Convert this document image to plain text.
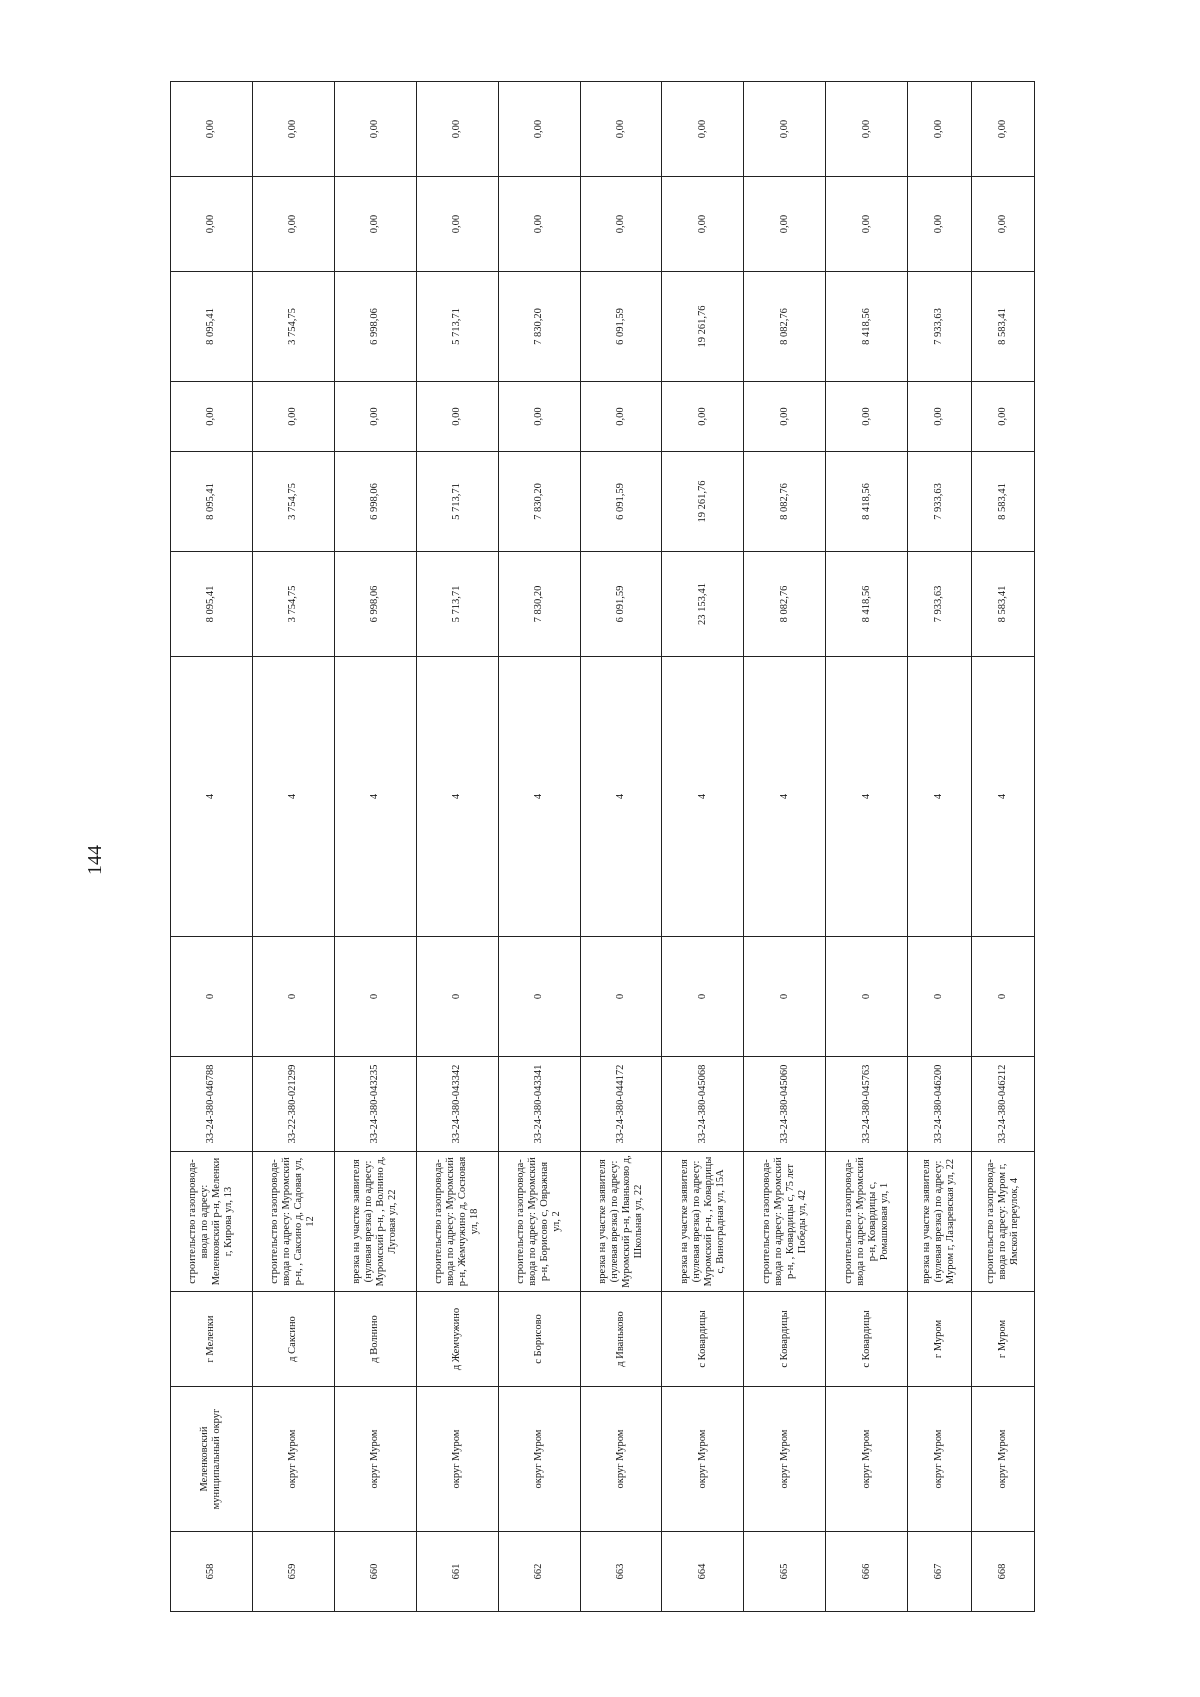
144
658	Меленковский муниципальный округ	г Меленки	строительство газопровода-ввода по адресу: Меленковский р-н, Меленки г, Кирова ул, 13	33-24-380-046788	0	4	8 095,41	8 095,41	0,00	8 095,41	0,00	0,00
659	округ Муром	д Саксино	строительство газопровода-ввода по адресу: Муромский р-н, , Саксино д, Садовая ул, 12	33-22-380-021299	0	4	3 754,75	3 754,75	0,00	3 754,75	0,00	0,00
660	округ Муром	д Волнино	врезка на участке заявителя (нулевая врезка) по адресу: Муромский р-н, , Волнино д, Луговая ул, 22	33-24-380-043235	0	4	6 998,06	6 998,06	0,00	6 998,06	0,00	0,00
661	округ Муром	д Жемчужино	строительство газопровода-ввода по адресу: Муромский р-н, Жемчужино д, Сосновая ул, 18	33-24-380-043342	0	4	5 713,71	5 713,71	0,00	5 713,71	0,00	0,00
662	округ Муром	с Борисово	строительство газопровода-ввода по адресу: Муромский р-н, Борисово с, Овражная ул, 2	33-24-380-043341	0	4	7 830,20	7 830,20	0,00	7 830,20	0,00	0,00
663	округ Муром	д Иваньково	врезка на участке заявителя (нулевая врезка) по адресу: Муромский р-н, Иваньково д, Школьная ул, 22	33-24-380-044172	0	4	6 091,59	6 091,59	0,00	6 091,59	0,00	0,00
664	округ Муром	с Ковардицы	врезка на участке заявителя (нулевая врезка) по адресу: Муромский р-н, , Ковардицы с, Виноградная ул, 15А	33-24-380-045068	0	4	23 153,41	19 261,76	0,00	19 261,76	0,00	0,00
665	округ Муром	с Ковардицы	строительство газопровода-ввода по адресу: Муромский р-н, , Ковардицы с, 75 лет Победы ул, 42	33-24-380-045060	0	4	8 082,76	8 082,76	0,00	8 082,76	0,00	0,00
666	округ Муром	с Ковардицы	строительство газопровода-ввода по адресу: Муромский р-н, Ковардицы с, Ромашковая ул, 1	33-24-380-045763	0	4	8 418,56	8 418,56	0,00	8 418,56	0,00	0,00
667	округ Муром	г Муром	врезка на участке заявителя (нулевая врезка) по адресу: Муром г, Лазаревская ул, 22	33-24-380-046200	0	4	7 933,63	7 933,63	0,00	7 933,63	0,00	0,00
668	округ Муром	г Муром	строительство газопровода-ввода по адресу: Муром г, Ямской переулок, 4	33-24-380-046212	0	4	8 583,41	8 583,41	0,00	8 583,41	0,00	0,00
